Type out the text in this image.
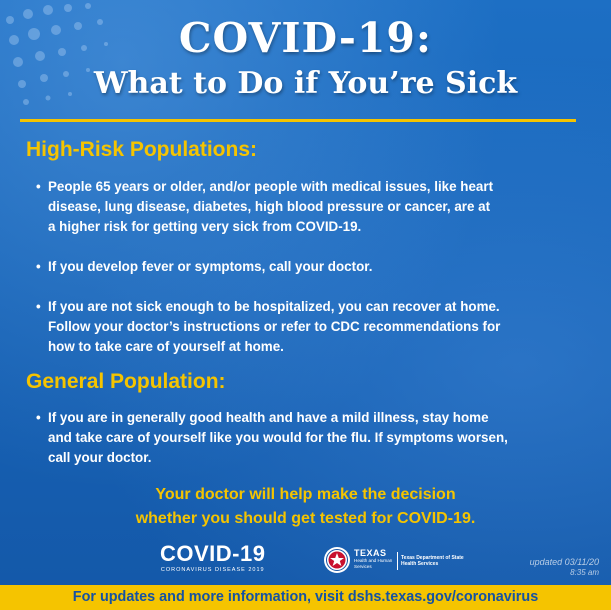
COVID-19:
What to Do if You’re Sick
High-Risk Populations:

• People 65 years or older, and/or people with medical issues, like heart
disease, lung disease, diabetes, high blood pressure or cancer, are at
a higher risk for getting very sick from COVID-19.

• If you develop fever or symptoms, call your doctor.

• If you are not sick enough to be hospitalized, you can recover at home.
Follow your doctor’s instructions or refer to CDC recommendations for
how to take care of yourself at home.

General Population:

• If you are in generally good health and have a mild illness, stay home
and take care of yourself like you would for the flu. If symptoms worsen,
call your doctor.

Your doctor will help make the decision
whether you should get tested for COVID-19.
COVID-19
CORONAVIRUS DISEASE 2019
TEXAS
Health and Human
Services
Texas Department of State
Health Services	updated 03/11/20
8:35 am
For updates and more information, visit dshs.texas.gov/coronavirus
